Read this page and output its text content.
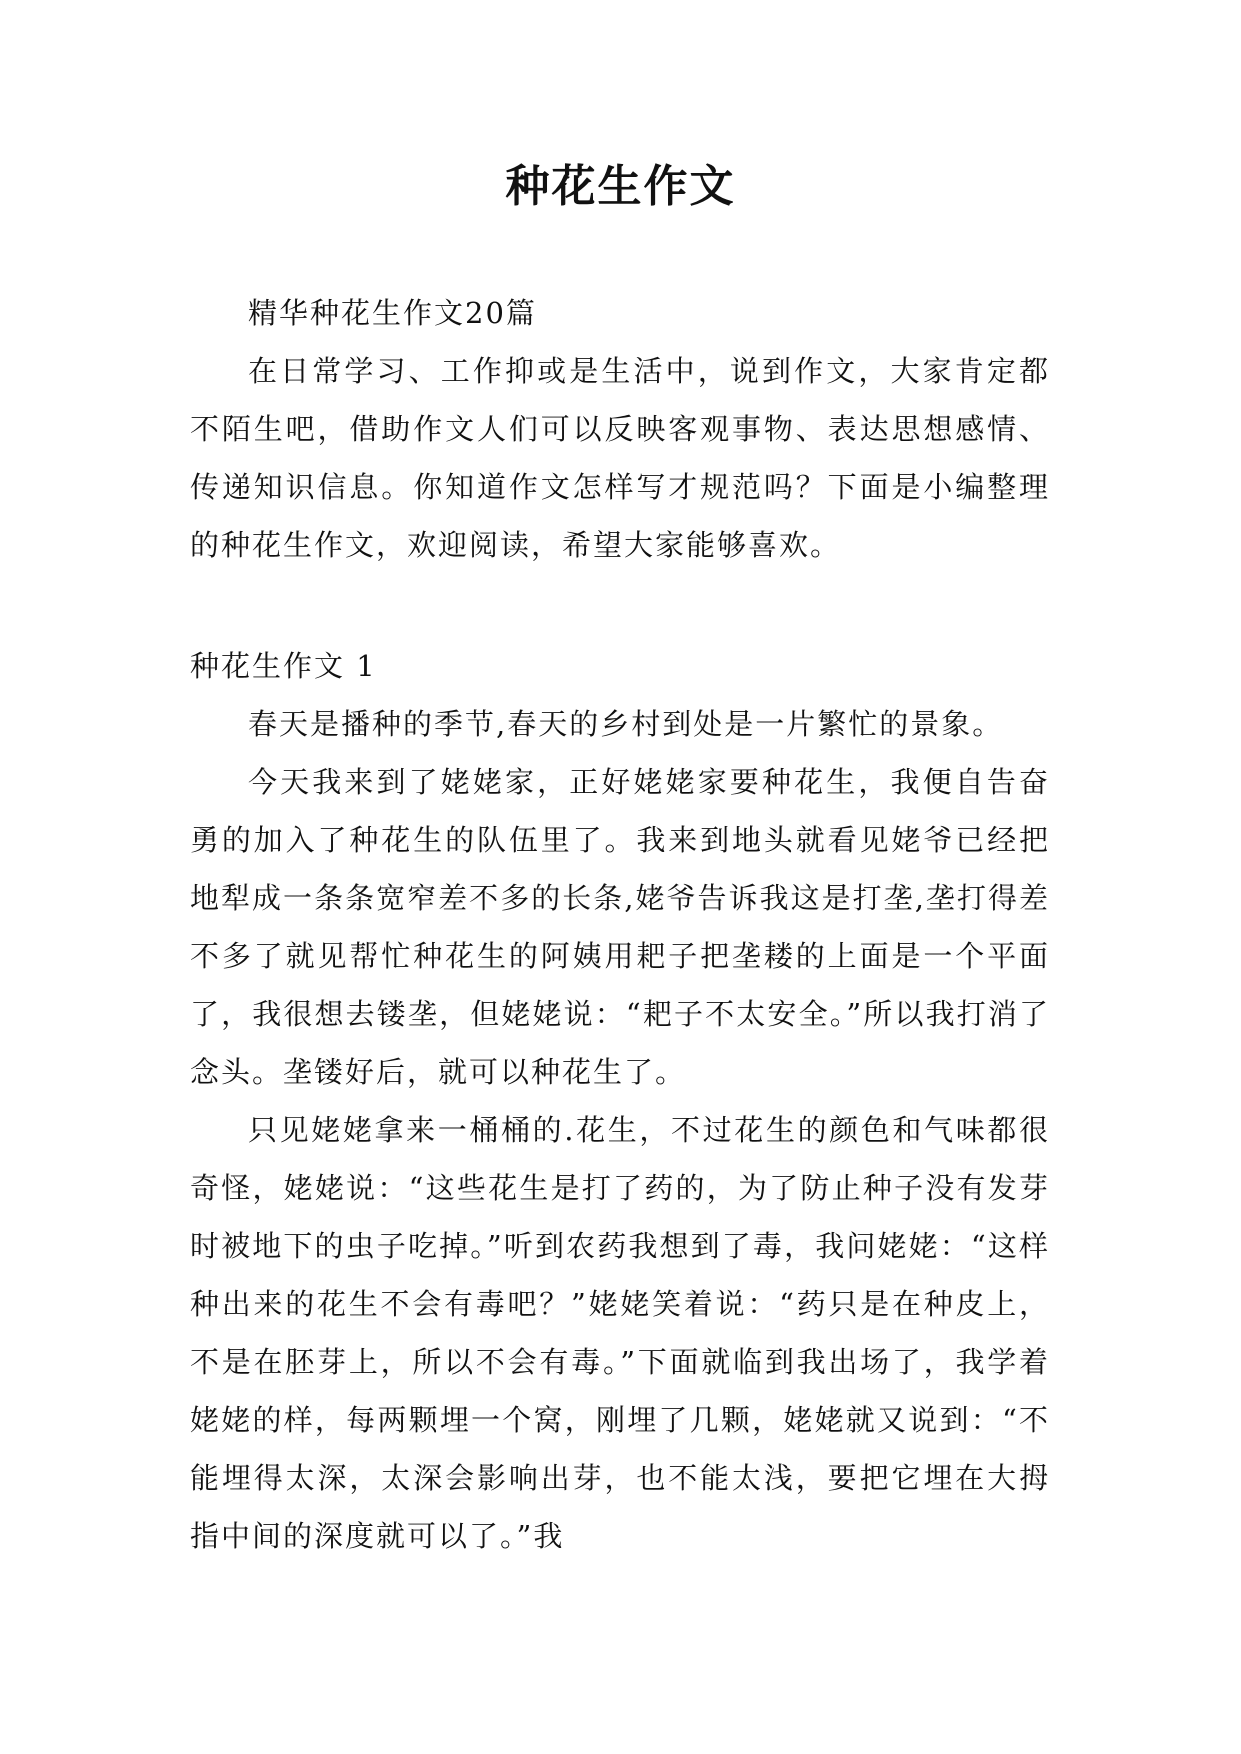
种花生作文

精华种花生作文20篇

在日常学习、工作抑或是生活中，说到作文，大家肯定都不陌生吧，借助作文人们可以反映客观事物、表达思想感情、传递知识信息。你知道作文怎样写才规范吗？下面是小编整理的种花生作文，欢迎阅读，希望大家能够喜欢。

种花生作文 1

春天是播种的季节,春天的乡村到处是一片繁忙的景象。

今天我来到了姥姥家，正好姥姥家要种花生，我便自告奋勇的加入了种花生的队伍里了。我来到地头就看见姥爷已经把地犁成一条条宽窄差不多的长条,姥爷告诉我这是打垄,垄打得差不多了就见帮忙种花生的阿姨用耙子把垄耧的上面是一个平面了，我很想去镂垄，但姥姥说：“耙子不太安全。”所以我打消了念头。垄镂好后，就可以种花生了。

只见姥姥拿来一桶桶的.花生，不过花生的颜色和气味都很奇怪，姥姥说：“这些花生是打了药的，为了防止种子没有发芽时被地下的虫子吃掉。”听到农药我想到了毒，我问姥姥：“这样种出来的花生不会有毒吧？”姥姥笑着说：“药只是在种皮上，不是在胚芽上，所以不会有毒。”下面就临到我出场了，我学着姥姥的样，每两颗埋一个窝，刚埋了几颗，姥姥就又说到：“不能埋得太深，太深会影响出芽，也不能太浅，要把它埋在大拇指中间的深度就可以了。”我
